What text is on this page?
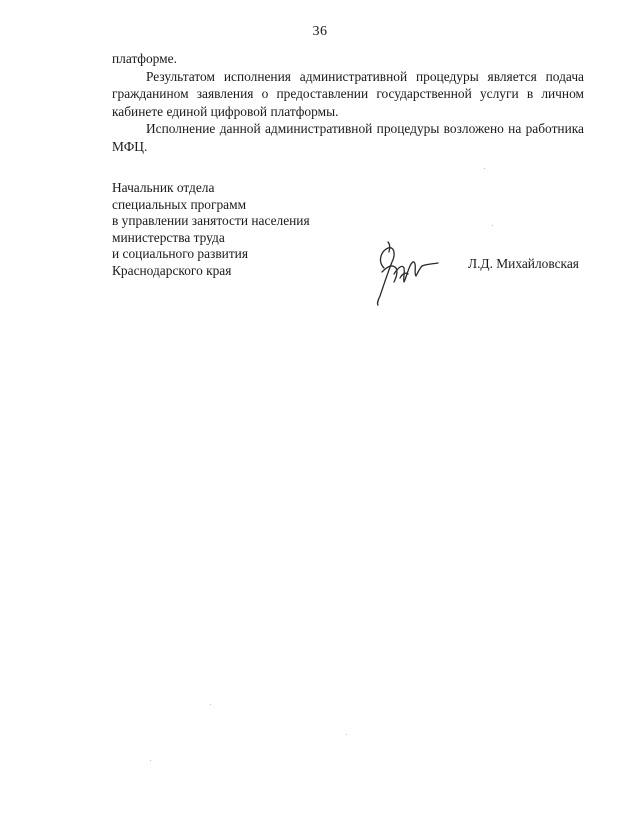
36

платформе.

Результатом исполнения административной процедуры является подача гражданином заявления о предоставлении государственной услуги в личном кабинете единой цифровой платформы.

Исполнение данной административной процедуры возложено на работника МФЦ.

Начальник отдела
специальных программ
в управлении занятости населения
министерства труда
и социального развития
Краснодарского края	Л.Д. Михайловская
